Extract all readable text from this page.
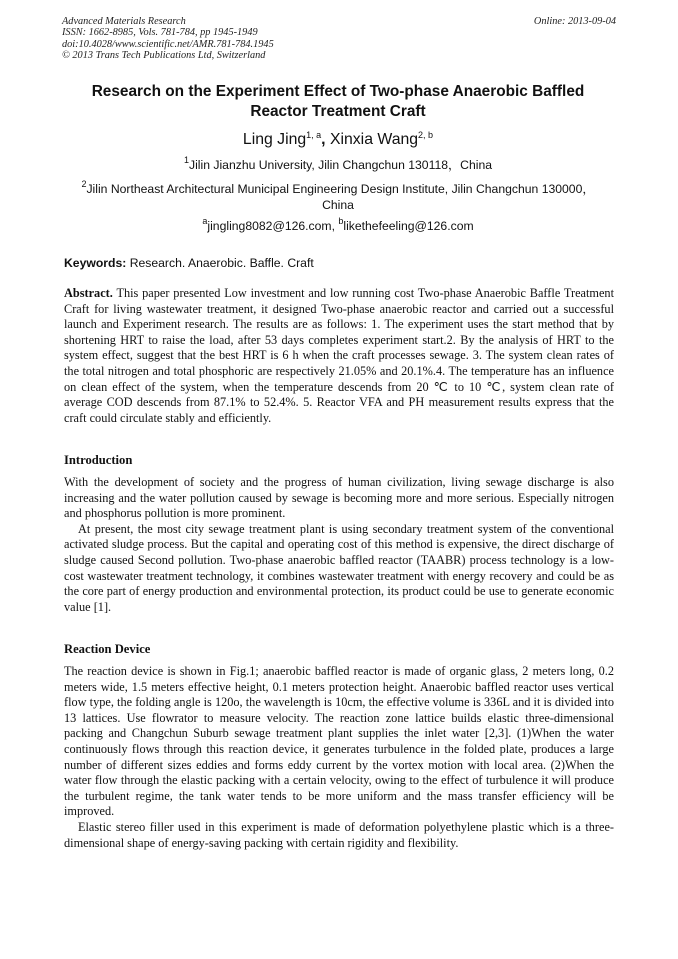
Advanced Materials Research
ISSN: 1662-8985, Vols. 781-784, pp 1945-1949
doi:10.4028/www.scientific.net/AMR.781-784.1945
© 2013 Trans Tech Publications Ltd, Switzerland
Online: 2013-09-04
Research on the Experiment Effect of Two-phase Anaerobic Baffled
Reactor Treatment Craft
Ling Jing$^{1, a}$, Xinxia Wang$^{2, b}$
$^1$Jilin Jianzhu University, Jilin Changchun 130118，China
$^2$Jilin Northeast Architectural Municipal Engineering Design Institute, Jilin Changchun 130000，
China
$^a$jingling8082@126.com, $^b$likethefeeling@126.com
Keywords: Research. Anaerobic. Baffle. Craft

Abstract. This paper presented Low investment and low running cost Two-phase Anaerobic Baffle Treatment Craft for living wastewater treatment, it designed Two-phase anaerobic reactor and carried out a successful launch and Experiment research. The results are as follows: 1. The experiment uses the start method that by shortening HRT to raise the load, after 53 days completes experiment start.2. By the analysis of HRT to the system effect, suggest that the best HRT is 6 h when the craft processes sewage. 3. The system clean rates of the total nitrogen and total phosphoric are respectively 21.05% and 20.1%.4. The temperature has an influence on clean effect of the system, when the temperature descends from 20 ℃ to 10 ℃, system clean rate of average COD descends from 87.1% to 52.4%. 5. Reactor VFA and PH measurement results express that the craft could circulate stably and efficiently.

Introduction

With the development of society and the progress of human civilization, living sewage discharge is also increasing and the water pollution caused by sewage is becoming more and more serious. Especially nitrogen and phosphorus pollution is more prominent.

At present, the most city sewage treatment plant is using secondary treatment system of the conventional activated sludge process. But the capital and operating cost of this method is expensive, the direct discharge of sludge caused Second pollution. Two-phase anaerobic baffled reactor (TAABR) process technology is a low-cost wastewater treatment technology, it combines wastewater treatment with energy recovery and could be as the core part of energy production and environmental protection, its product could be use to generate economic value [1].

Reaction Device

The reaction device is shown in Fig.1; anaerobic baffled reactor is made of organic glass, 2 meters long, 0.2 meters wide, 1.5 meters effective height, 0.1 meters protection height. Anaerobic baffled reactor uses vertical flow type, the folding angle is 120o, the wavelength is 10cm, the effective volume is 336L and it is divided into 13 lattices. Use flowrator to measure velocity. The reaction zone lattice builds elastic three-dimensional packing and Changchun Suburb sewage treatment plant supplies the inlet water [2,3]. (1)When the water continuously flows through this reaction device, it generates turbulence in the folded plate, produces a large number of different sizes eddies and forms eddy current by the vortex motion with local area. (2)When the water flow through the elastic packing with a certain velocity, owing to the effect of turbulence it will produce the turbulent regime, the tank water tends to be more uniform and the mass transfer efficiency will be improved.

Elastic stereo filler used in this experiment is made of deformation polyethylene plastic which is a three-dimensional shape of energy-saving packing with certain rigidity and flexibility.
